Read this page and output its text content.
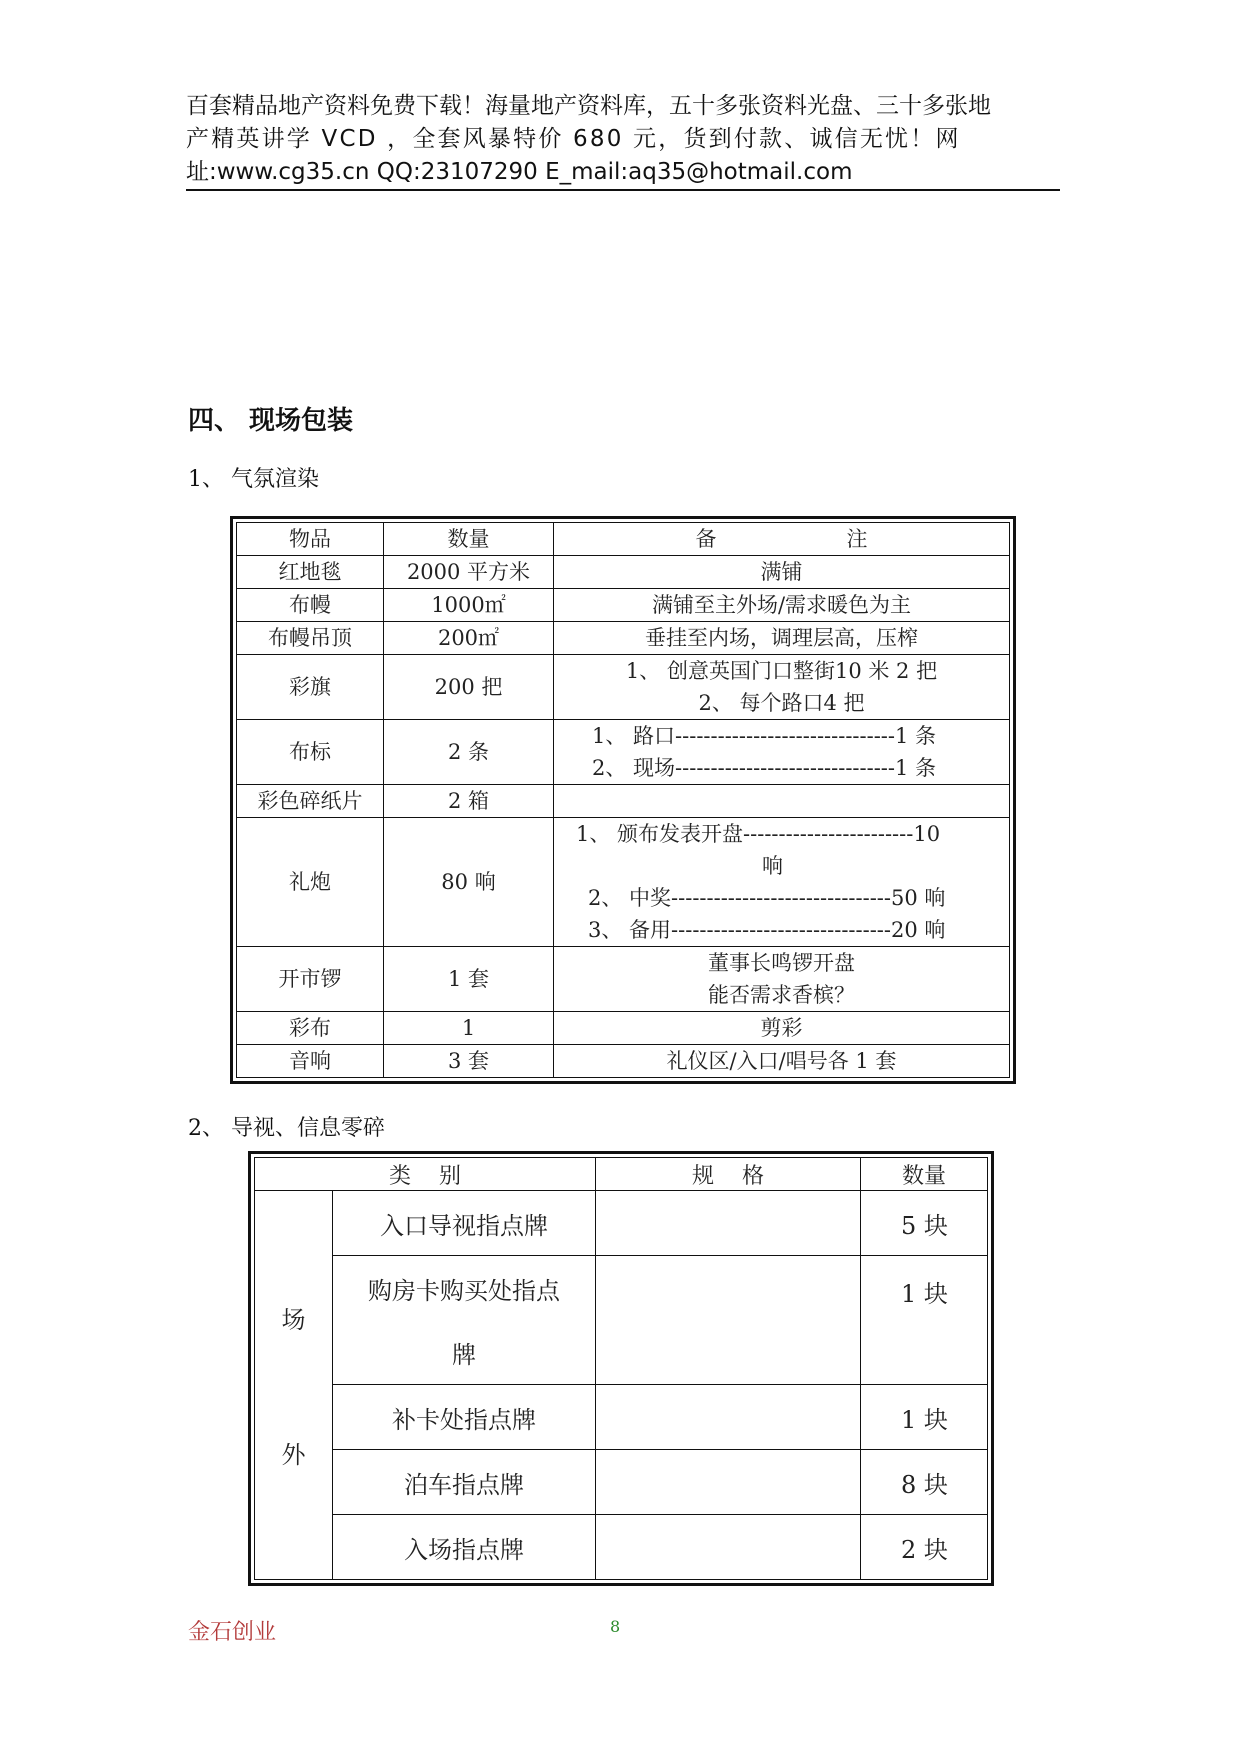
百套精品地产资料免费下载！海量地产资料库，五十多张资料光盘、三十多张地
产精英讲学 VCD ，全套风暴特价 680 元，货到付款、诚信无忧！网
址:www.cg35.cn QQ:23107290 E_mail:aq35@hotmail.com
四、 现场包装
1、 气氛渲染
物品	数量	备 注
红地毯	2000 平方米	满铺
布幔	1000㎡	满铺至主外场/需求暖色为主
布幔吊顶	200㎡	垂挂至内场，调理层高，压榨
彩旗	200 把	1、 创意英国门口整街10 米 2 把
2、 每个路口4 把

布标	2 条	1、 路口-------------------------------1 条
2、 现场-------------------------------1 条

彩色碎纸片	2 箱	
礼炮	80 响	1、 颁布发表开盘------------------------10
响
2、 中奖-------------------------------50 响
3、 备用-------------------------------20 响

开市锣	1 套	董事长鸣锣开盘
能否需求香槟？

彩布	1	剪彩
音响	3 套	礼仪区/入口/唱号各 1 套
2、 导视、信息零碎
类    别		规    格	数量

场
外	入口导视指点牌		5 块
	购房卡购买处指点		1 块
	牌		
	补卡处指点牌		1 块
	泊车指点牌		8 块
	入场指点牌		2 块
金石创业	8
